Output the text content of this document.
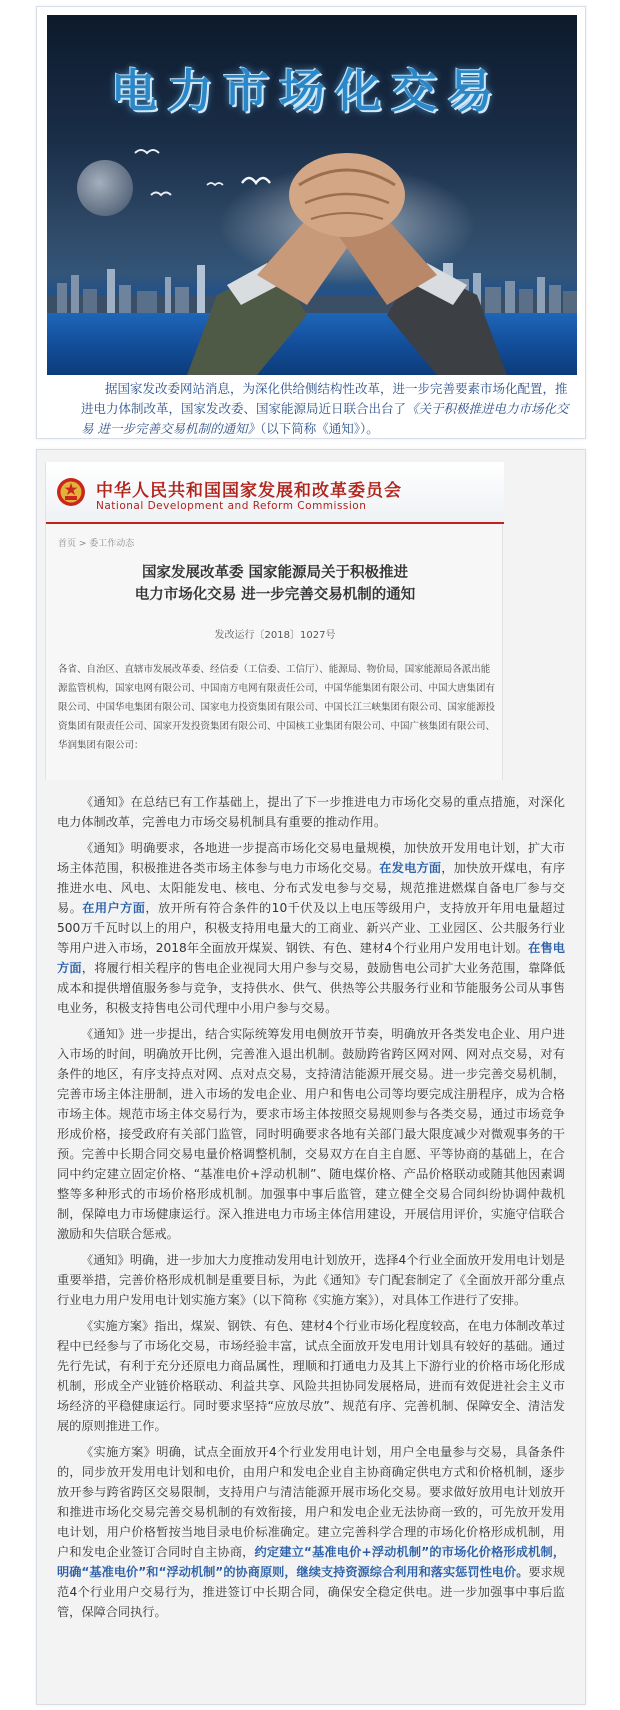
电力市场化交易

据国家发改委网站消息，为深化供给侧结构性改革，进一步完善要素市场化配置，推进电力体制改革，国家发改委、国家能源局近日联合出台了《关于积极推进电力市场化交易 进一步完善交易机制的通知》（以下简称《通知》）。

中华人民共和国国家发展和改革委员会
National Development and Reform Commission
首页 > 委工作动态
国家发展改革委 国家能源局关于积极推进
电力市场化交易 进一步完善交易机制的通知
发改运行〔2018〕1027号
各省、自治区、直辖市发展改革委、经信委（工信委、工信厅）、能源局、物价局，国家能源局各派出能源监管机构，国家电网有限公司、中国南方电网有限责任公司，中国华能集团有限公司、中国大唐集团有限公司、中国华电集团有限公司、国家电力投资集团有限公司、中国长江三峡集团有限公司、国家能源投资集团有限责任公司、国家开发投资集团有限公司、中国核工业集团有限公司、中国广核集团有限公司、华润集团有限公司：

《通知》在总结已有工作基础上，提出了下一步推进电力市场化交易的重点措施，对深化电力体制改革，完善电力市场交易机制具有重要的推动作用。

《通知》明确要求，各地进一步提高市场化交易电量规模，加快放开发用电计划，扩大市场主体范围，积极推进各类市场主体参与电力市场化交易。在发电方面，加快放开煤电，有序推进水电、风电、太阳能发电、核电、分布式发电参与交易，规范推进燃煤自备电厂参与交易。在用户方面，放开所有符合条件的10千伏及以上电压等级用户，支持放开年用电量超过500万千瓦时以上的用户，积极支持用电量大的工商业、新兴产业、工业园区、公共服务行业等用户进入市场，2018年全面放开煤炭、钢铁、有色、建材4个行业用户发用电计划。在售电方面，将履行相关程序的售电企业视同大用户参与交易，鼓励售电公司扩大业务范围，靠降低成本和提供增值服务参与竞争，支持供水、供气、供热等公共服务行业和节能服务公司从事售电业务，积极支持售电公司代理中小用户参与交易。

《通知》进一步提出，结合实际统筹发用电侧放开节奏，明确放开各类发电企业、用户进入市场的时间，明确放开比例，完善准入退出机制。鼓励跨省跨区网对网、网对点交易，对有条件的地区，有序支持点对网、点对点交易，支持清洁能源开展交易。进一步完善交易机制，完善市场主体注册制，进入市场的发电企业、用户和售电公司等均要完成注册程序，成为合格市场主体。规范市场主体交易行为，要求市场主体按照交易规则参与各类交易，通过市场竞争形成价格，接受政府有关部门监管，同时明确要求各地有关部门最大限度减少对微观事务的干预。完善中长期合同交易电量价格调整机制，交易双方在自主自愿、平等协商的基础上，在合同中约定建立固定价格、“基准电价+浮动机制”、随电煤价格、产品价格联动或随其他因素调整等多种形式的市场价格形成机制。加强事中事后监管，建立健全交易合同纠纷协调仲裁机制，保障电力市场健康运行。深入推进电力市场主体信用建设，开展信用评价，实施守信联合激励和失信联合惩戒。

《通知》明确，进一步加大力度推动发用电计划放开，选择4个行业全面放开发用电计划是重要举措，完善价格形成机制是重要目标，为此《通知》专门配套制定了《全面放开部分重点行业电力用户发用电计划实施方案》（以下简称《实施方案》），对具体工作进行了安排。

《实施方案》指出，煤炭、钢铁、有色、建材4个行业市场化程度较高，在电力体制改革过程中已经参与了市场化交易，市场经验丰富，试点全面放开发电用计划具有较好的基础。通过先行先试，有利于充分还原电力商品属性，理顺和打通电力及其上下游行业的价格市场化形成机制，形成全产业链价格联动、利益共享、风险共担协同发展格局，进而有效促进社会主义市场经济的平稳健康运行。同时要求坚持“应放尽放”、规范有序、完善机制、保障安全、清洁发展的原则推进工作。

《实施方案》明确，试点全面放开4个行业发用电计划，用户全电量参与交易，具备条件的，同步放开发用电计划和电价，由用户和发电企业自主协商确定供电方式和价格机制，逐步放开参与跨省跨区交易限制，支持用户与清洁能源开展市场化交易。要求做好放用电计划放开和推进市场化交易完善交易机制的有效衔接，用户和发电企业无法协商一致的，可先放开发用电计划，用户价格暂按当地目录电价标准确定。建立完善科学合理的市场化价格形成机制，用户和发电企业签订合同时自主协商，约定建立“基准电价+浮动机制”的市场化价格形成机制，明确“基准电价”和“浮动机制”的协商原则，继续支持资源综合利用和落实惩罚性电价。要求规范4个行业用户交易行为，推进签订中长期合同，确保安全稳定供电。进一步加强事中事后监管，保障合同执行。
